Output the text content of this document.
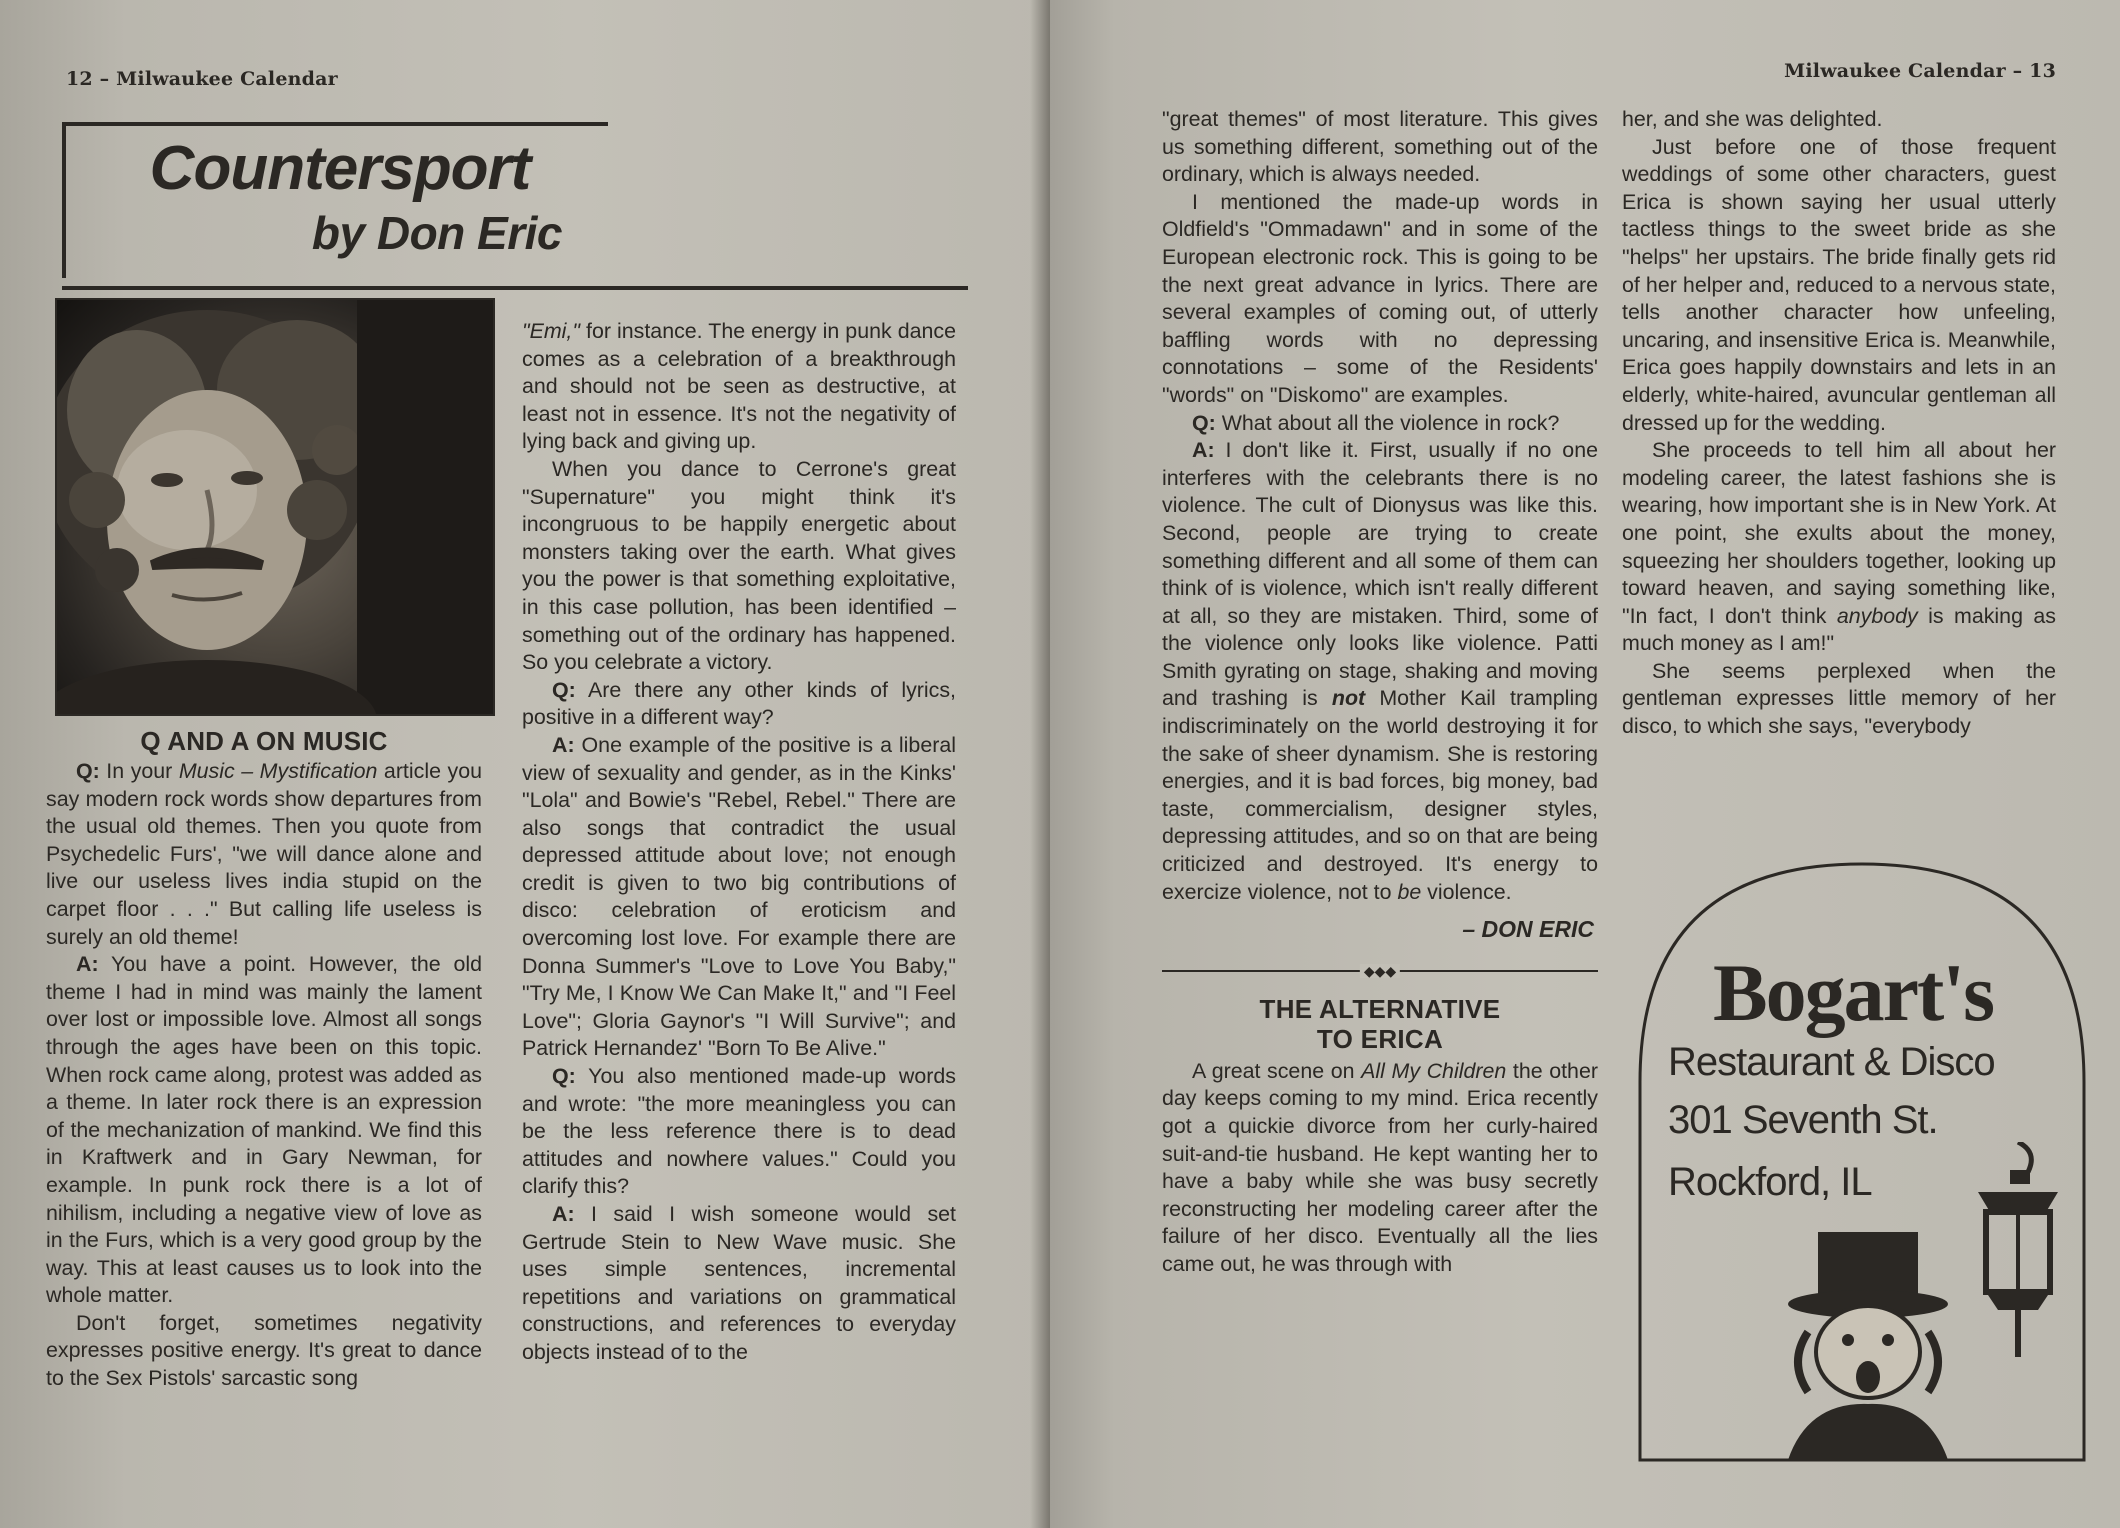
12 – Milwaukee Calendar
Countersport
by Don Eric
Q AND A ON MUSIC

Q: In your Music – Mystification article you say modern rock words show departures from the usual old themes. Then you quote from Psychedelic Furs', "we will dance alone and live our useless lives india stupid on the carpet floor . . ." But calling life useless is surely an old theme!

A: You have a point. However, the old theme I had in mind was mainly the lament over lost or impossible love. Almost all songs through the ages have been on this topic. When rock came along, protest was added as a theme. In later rock there is an expression of the mechanization of mankind. We find this in Kraftwerk and in Gary Newman, for example. In punk rock there is a lot of nihilism, including a negative view of love as in the Furs, which is a very good group by the way. This at least causes us to look into the whole matter.

Don't forget, sometimes negativity expresses positive energy. It's great to dance to the Sex Pistols' sarcastic song

"Emi," for instance. The energy in punk dance comes as a celebration of a breakthrough and should not be seen as destructive, at least not in essence. It's not the negativity of lying back and giving up.

When you dance to Cerrone's great "Supernature" you might think it's incongruous to be happily energetic about monsters taking over the earth. What gives you the power is that something exploitative, in this case pollution, has been identified – something out of the ordinary has happened. So you celebrate a victory.

Q: Are there any other kinds of lyrics, positive in a different way?

A: One example of the positive is a liberal view of sexuality and gender, as in the Kinks' "Lola" and Bowie's "Rebel, Rebel." There are also songs that contradict the usual depressed attitude about love; not enough credit is given to two big contributions of disco: celebration of eroticism and overcoming lost love. For example there are Donna Summer's "Love to Love You Baby," "Try Me, I Know We Can Make It," and "I Feel Love"; Gloria Gaynor's "I Will Survive"; and Patrick Hernandez' "Born To Be Alive."

Q: You also mentioned made-up words and wrote: "the more meaningless you can be the less reference there is to dead attitudes and nowhere values." Could you clarify this?

A: I said I wish someone would set Gertrude Stein to New Wave music. She uses simple sentences, incremental repetitions and variations on grammatical constructions, and references to everyday objects instead of to the

Milwaukee Calendar – 13

"great themes" of most literature. This gives us something different, something out of the ordinary, which is always needed.

I mentioned the made-up words in Oldfield's "Ommadawn" and in some of the European electronic rock. This is going to be the next great advance in lyrics. There are several examples of coming out, of utterly baffling words with no depressing connotations – some of the Residents' "words" on "Diskomo" are examples.

Q: What about all the violence in rock?

A: I don't like it. First, usually if no one interferes with the celebrants there is no violence. The cult of Dionysus was like this. Second, people are trying to create something different and all some of them can think of is violence, which isn't really different at all, so they are mistaken. Third, some of the violence only looks like violence. Patti Smith gyrating on stage, shaking and moving and trashing is not Mother Kail trampling indiscriminately on the world destroying it for the sake of sheer dynamism. She is restoring energies, and it is bad forces, big money, bad taste, commercialism, designer styles, depressing attitudes, and so on that are being criticized and destroyed. It's energy to exercize violence, not to be violence.

– DON ERIC
◆◆◆
THE ALTERNATIVE
TO ERICA

A great scene on All My Children the other day keeps coming to my mind. Erica recently got a quickie divorce from her curly-haired suit-and-tie husband. He kept wanting her to have a baby while she was busy secretly reconstructing her modeling career after the failure of her disco. Eventually all the lies came out, he was through with

her, and she was delighted.

Just before one of those frequent weddings of some other characters, guest Erica is shown saying her usual utterly tactless things to the sweet bride as she "helps" her upstairs. The bride finally gets rid of her helper and, reduced to a nervous state, tells another character how unfeeling, uncaring, and insensitive Erica is. Meanwhile, Erica goes happily downstairs and lets in an elderly, white-haired, avuncular gentleman all dressed up for the wedding.

She proceeds to tell him all about her modeling career, the latest fashions she is wearing, how important she is in New York. At one point, she exults about the money, squeezing her shoulders together, looking up toward heaven, and saying something like, "In fact, I don't think anybody is making as much money as I am!"

She seems perplexed when the gentleman expresses little memory of her disco, to which she says, "everybody

Bogart's
Restaurant & Disco
301 Seventh St.
Rockford, IL
